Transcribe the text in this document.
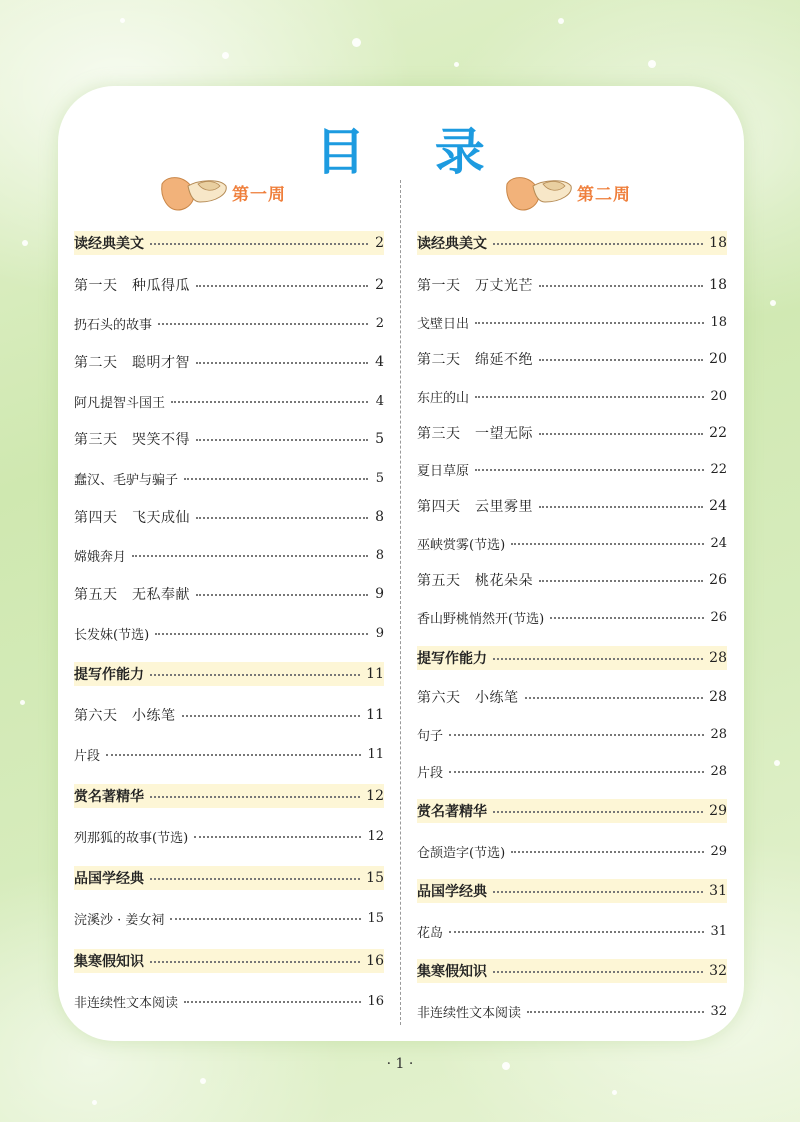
目 录
第一周	第二周
读经典美文	2
第一天　种瓜得瓜	2
扔石头的故事	2
第二天　聪明才智	4
阿凡提智斗国王	4
第三天　哭笑不得	5
蠢汉、毛驴与骗子	5
第四天　飞天成仙	8
嫦娥奔月	8
第五天　无私奉献	9
长发妹(节选)	9
提写作能力	11
第六天　小练笔	11
片段	11
赏名著精华	12
列那狐的故事(节选)	12
品国学经典	15
浣溪沙 · 姜女祠	15
集寒假知识	16
非连续性文本阅读	16
读经典美文	18
第一天　万丈光芒	18
戈壁日出	18
第二天　绵延不绝	20
东庄的山	20
第三天　一望无际	22
夏日草原	22
第四天　云里雾里	24
巫峡赏雾(节选)	24
第五天　桃花朵朵	26
香山野桃悄然开(节选)	26
提写作能力	28
第六天　小练笔	28
句子	28
片段	28
赏名著精华	29
仓颉造字(节选)	29
品国学经典	31
花岛	31
集寒假知识	32
非连续性文本阅读	32
· 1 ·
